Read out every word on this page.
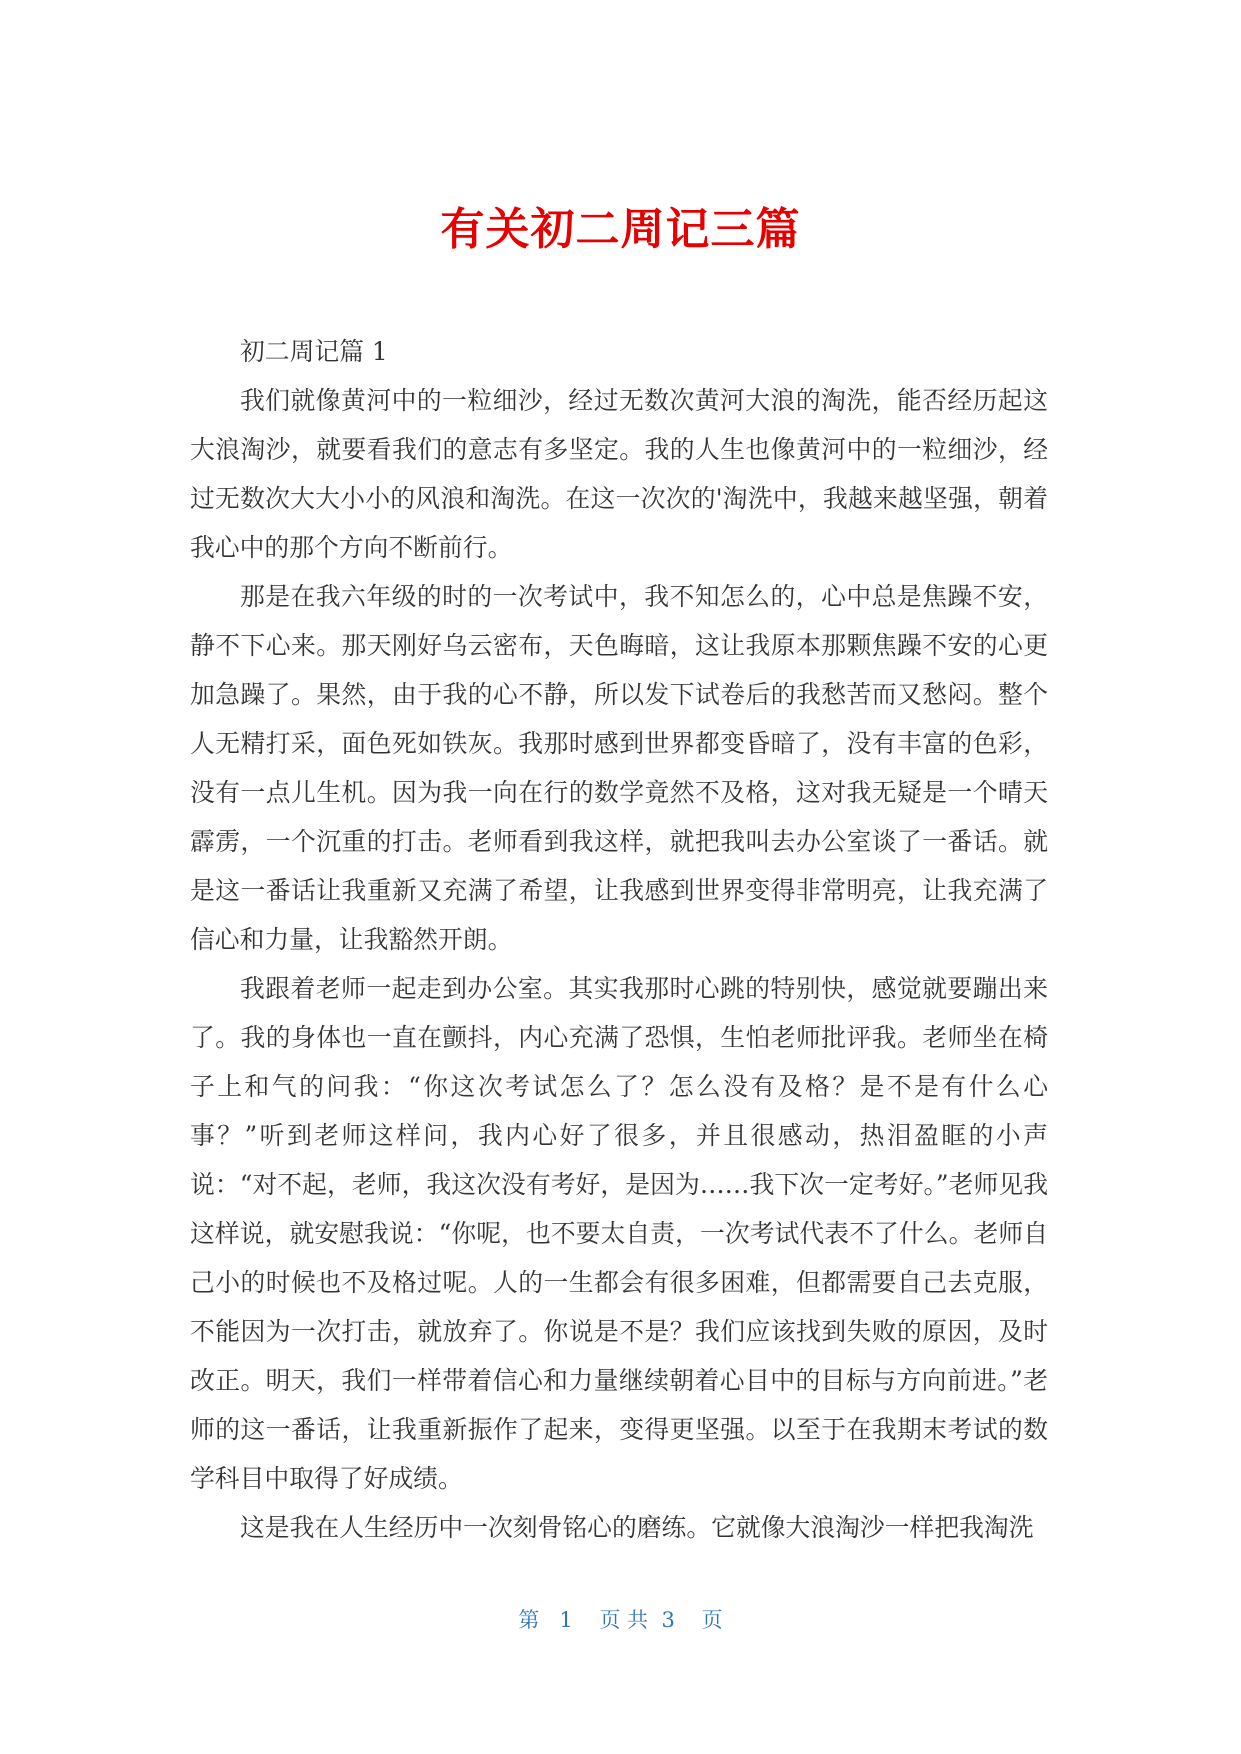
有关初二周记三篇

初二周记篇 1

我们就像黄河中的一粒细沙，经过无数次黄河大浪的淘洗，能否经历起这大浪淘沙，就要看我们的意志有多坚定。我的人生也像黄河中的一粒细沙，经过无数次大大小小的风浪和淘洗。在这一次次的'淘洗中，我越来越坚强，朝着我心中的那个方向不断前行。

那是在我六年级的时的一次考试中，我不知怎么的，心中总是焦躁不安，静不下心来。那天刚好乌云密布，天色晦暗，这让我原本那颗焦躁不安的心更加急躁了。果然，由于我的心不静，所以发下试卷后的我愁苦而又愁闷。整个人无精打采，面色死如铁灰。我那时感到世界都变昏暗了，没有丰富的色彩，没有一点儿生机。因为我一向在行的数学竟然不及格，这对我无疑是一个晴天霹雳，一个沉重的打击。老师看到我这样，就把我叫去办公室谈了一番话。就是这一番话让我重新又充满了希望，让我感到世界变得非常明亮，让我充满了信心和力量，让我豁然开朗。

我跟着老师一起走到办公室。其实我那时心跳的特别快，感觉就要蹦出来了。我的身体也一直在颤抖，内心充满了恐惧，生怕老师批评我。老师坐在椅子上和气的问我：“你这次考试怎么了？怎么没有及格？是不是有什么心事？”听到老师这样问，我内心好了很多，并且很感动，热泪盈眶的小声说：“对不起，老师，我这次没有考好，是因为……我下次一定考好。”老师见我这样说，就安慰我说：“你呢，也不要太自责，一次考试代表不了什么。老师自己小的时候也不及格过呢。人的一生都会有很多困难，但都需要自己去克服，不能因为一次打击，就放弃了。你说是不是？我们应该找到失败的原因，及时改正。明天，我们一样带着信心和力量继续朝着心目中的目标与方向前进。”老师的这一番话，让我重新振作了起来，变得更坚强。以至于在我期末考试的数学科目中取得了好成绩。

这是我在人生经历中一次刻骨铭心的磨练。它就像大浪淘沙一样把我淘洗

第   1    页 共  3    页
